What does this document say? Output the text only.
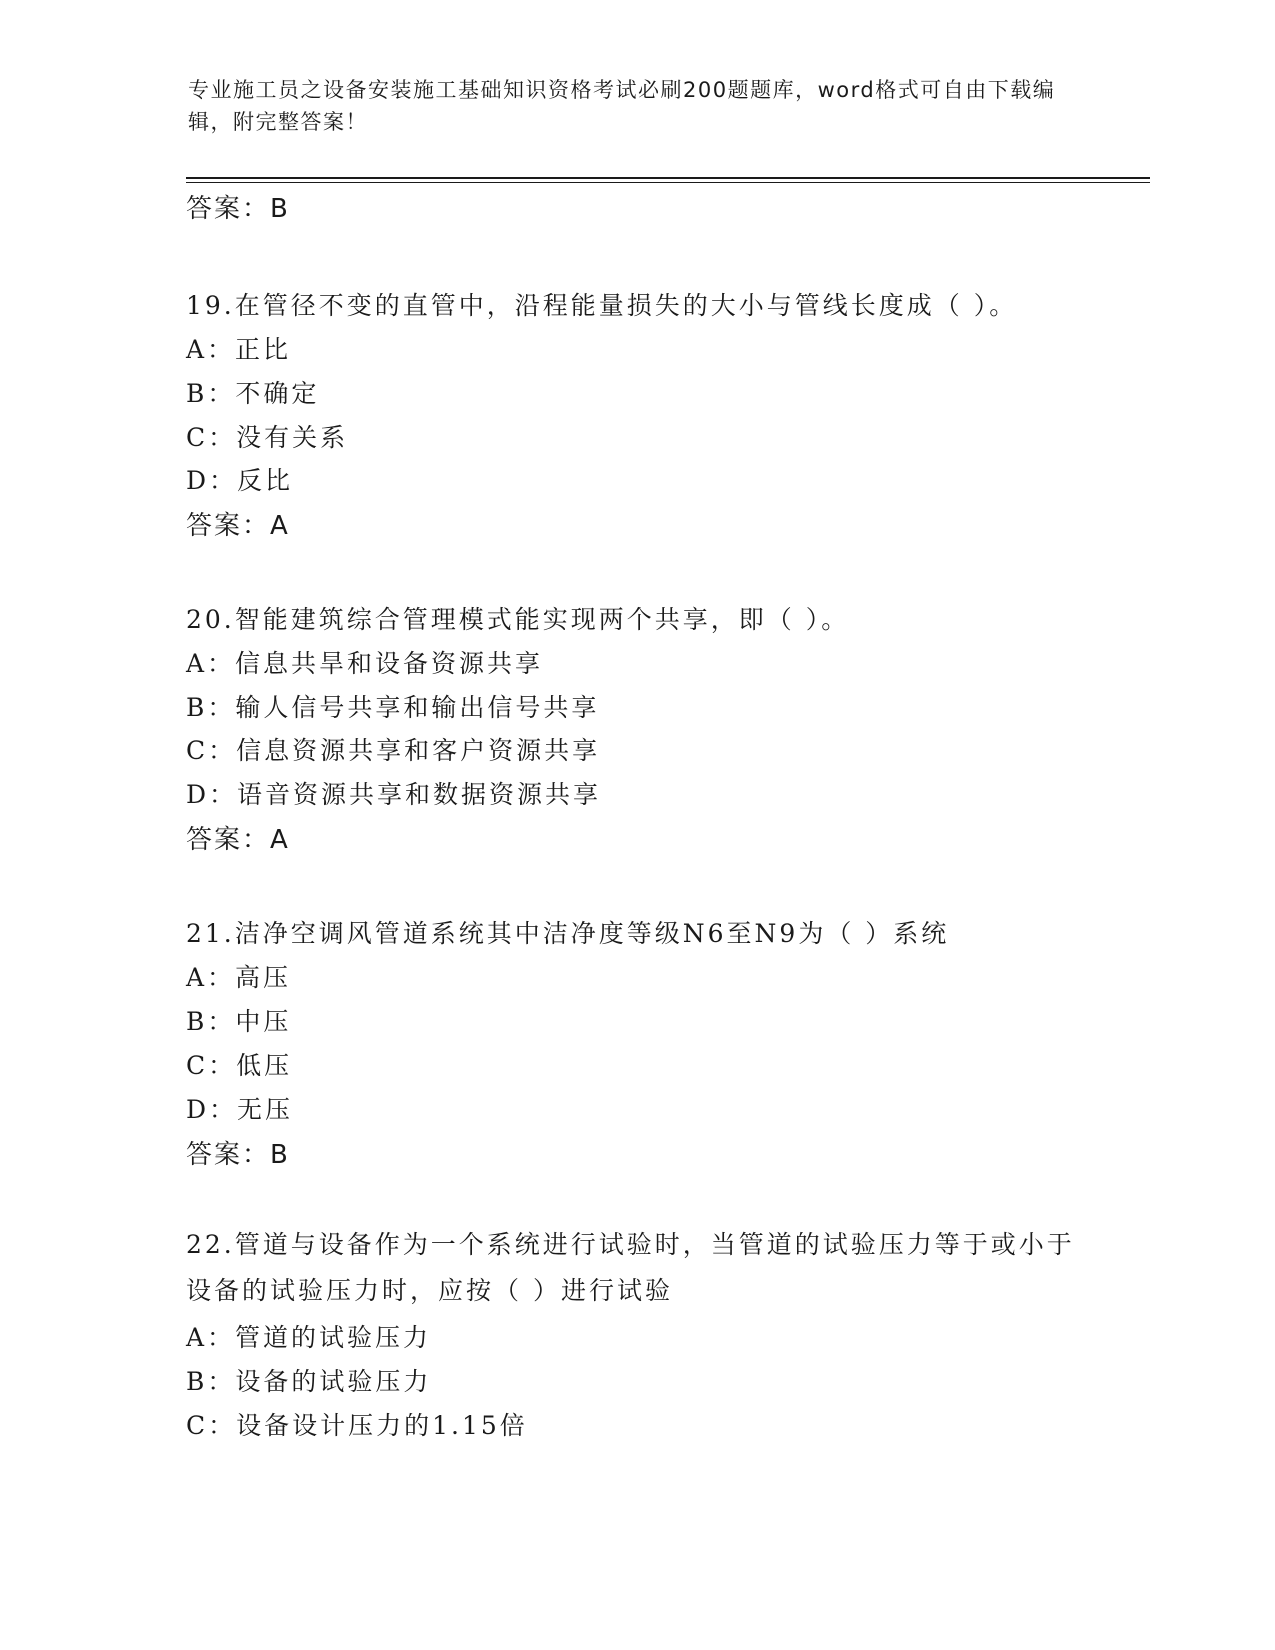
专业施工员之设备安装施工基础知识资格考试必刷200题题库，word格式可自由下载编辑，附完整答案！
答案：B
19.在管径不变的直管中，沿程能量损失的大小与管线长度成（ ）。
A：正比
B：不确定
C：没有关系
D：反比
答案：A
20.智能建筑综合管理模式能实现两个共享，即（ ）。
A：信息共旱和设备资源共享
B：输人信号共享和输出信号共享
C：信息资源共享和客户资源共享
D：语音资源共享和数据资源共享
答案：A
21.洁净空调风管道系统其中洁净度等级N6至N9为（ ）系统
A：高压
B：中压
C：低压
D：无压
答案：B
22.管道与设备作为一个系统进行试验时，当管道的试验压力等于或小于设备的试验压力时，应按（ ）进行试验
A：管道的试验压力
B：设备的试验压力
C：设备设计压力的1.15倍
